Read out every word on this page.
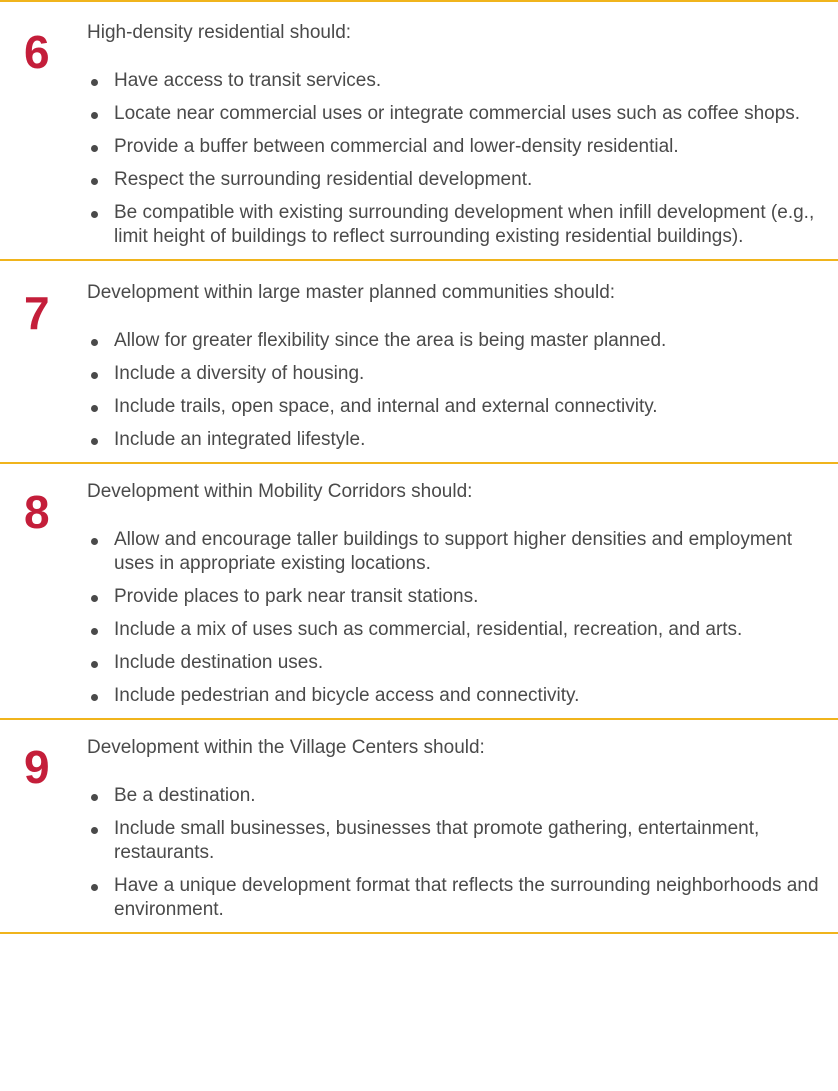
6 High-density residential should:

Have access to transit services.
Locate near commercial uses or integrate commercial uses such as coffee shops.
Provide a buffer between commercial and lower-density residential.
Respect the surrounding residential development.
Be compatible with existing surrounding development when infill development (e.g., limit height of buildings to reflect surrounding existing residential buildings).
7 Development within large master planned communities should:

Allow for greater flexibility since the area is being master planned.
Include a diversity of housing.
Include trails, open space, and internal and external connectivity.
Include an integrated lifestyle.
8 Development within Mobility Corridors should:

Allow and encourage taller buildings to support higher densities and employment uses in appropriate existing locations.
Provide places to park near transit stations.
Include a mix of uses such as commercial, residential, recreation, and arts.
Include destination uses.
Include pedestrian and bicycle access and connectivity.
9 Development within the Village Centers should:

Be a destination.
Include small businesses, businesses that promote gathering, entertainment, restaurants.
Have a unique development format that reflects the surrounding neighborhoods and environment.
